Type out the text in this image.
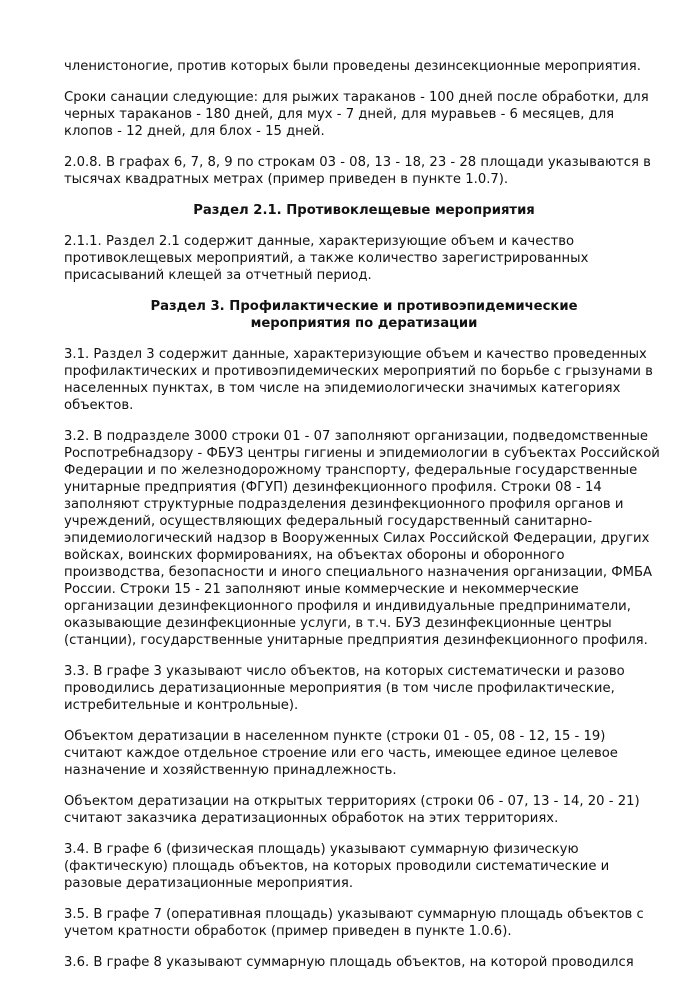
членистоногие, против которых были проведены дезинсекционные мероприятия.

Сроки санации следующие: для рыжих тараканов - 100 дней после обработки, для черных тараканов - 180 дней, для мух - 7 дней, для муравьев - 6 месяцев, для клопов - 12 дней, для блох - 15 дней.

2.0.8. В графах 6, 7, 8, 9 по строкам 03 - 08, 13 - 18, 23 - 28 площади указываются в тысячах квадратных метрах (пример приведен в пункте 1.0.7).

Раздел 2.1. Противоклещевые мероприятия

2.1.1. Раздел 2.1 содержит данные, характеризующие объем и качество противоклещевых мероприятий, а также количество зарегистрированных присасываний клещей за отчетный период.

Раздел 3. Профилактические и противоэпидемические мероприятия по дератизации

3.1. Раздел 3 содержит данные, характеризующие объем и качество проведенных профилактических и противоэпидемических мероприятий по борьбе с грызунами в населенных пунктах, в том числе на эпидемиологически значимых категориях объектов.

3.2. В подразделе 3000 строки 01 - 07 заполняют организации, подведомственные Роспотребнадзору - ФБУЗ центры гигиены и эпидемиологии в субъектах Российской Федерации и по железнодорожному транспорту, федеральные государственные унитарные предприятия (ФГУП) дезинфекционного профиля. Строки 08 - 14 заполняют структурные подразделения дезинфекционного профиля органов и учреждений, осуществляющих федеральный государственный санитарно-эпидемиологический надзор в Вооруженных Силах Российской Федерации, других войсках, воинских формированиях, на объектах обороны и оборонного производства, безопасности и иного специального назначения организации, ФМБА России. Строки 15 - 21 заполняют иные коммерческие и некоммерческие организации дезинфекционного профиля и индивидуальные предприниматели, оказывающие дезинфекционные услуги, в т.ч. БУЗ дезинфекционные центры (станции), государственные унитарные предприятия дезинфекционного профиля.

3.3. В графе 3 указывают число объектов, на которых систематически и разово проводились дератизационные мероприятия (в том числе профилактические, истребительные и контрольные).

Объектом дератизации в населенном пункте (строки 01 - 05, 08 - 12, 15 - 19) считают каждое отдельное строение или его часть, имеющее единое целевое назначение и хозяйственную принадлежность.

Объектом дератизации на открытых территориях (строки 06 - 07, 13 - 14, 20 - 21) считают заказчика дератизационных обработок на этих территориях.

3.4. В графе 6 (физическая площадь) указывают суммарную физическую (фактическую) площадь объектов, на которых проводили систематические и разовые дератизационные мероприятия.

3.5. В графе 7 (оперативная площадь) указывают суммарную площадь объектов с учетом кратности обработок (пример приведен в пункте 1.0.6).

3.6. В графе 8 указывают суммарную площадь объектов, на которой проводился
